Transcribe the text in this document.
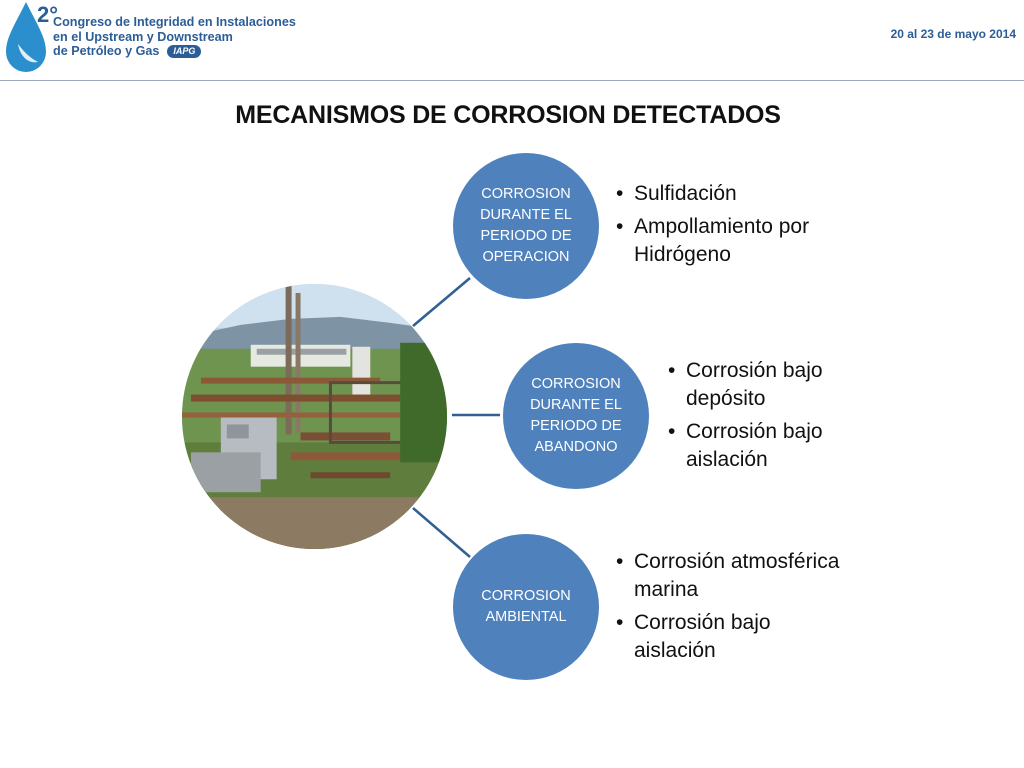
2°
Congreso de Integridad en Instalaciones
en el Upstream y Downstream
de Petróleo y Gas IAPG
20 al 23 de mayo 2014
MECANISMOS DE CORROSION DETECTADOS
CORROSION DURANTE EL PERIODO DE OPERACION
CORROSION DURANTE EL PERIODO DE ABANDONO
CORROSION AMBIENTAL
• Sulfidación
• Ampollamiento por Hidrógeno
• Corrosión bajo depósito
• Corrosión bajo aislación
• Corrosión atmosférica marina
• Corrosión bajo aislación
